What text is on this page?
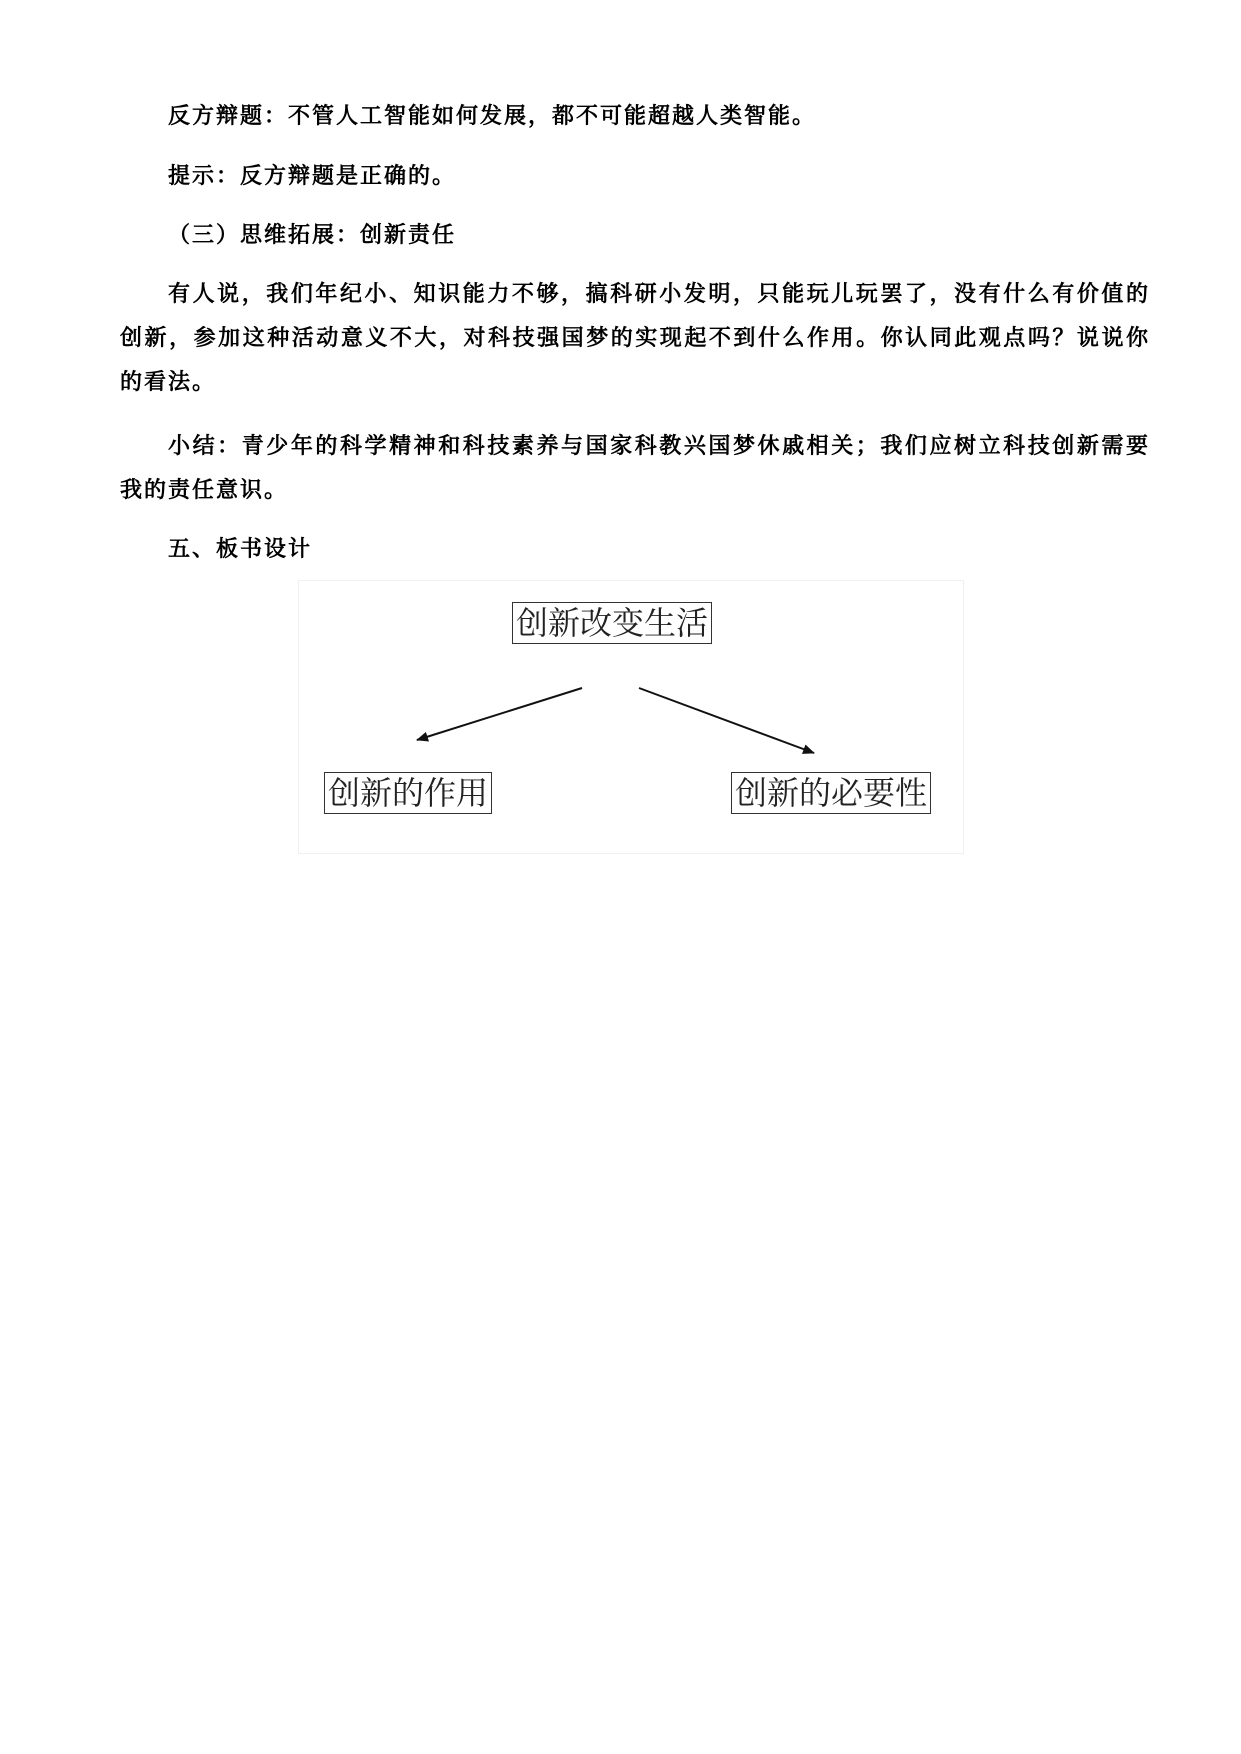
反方辩题：不管人工智能如何发展，都不可能超越人类智能。

提示：反方辩题是正确的。

（三）思维拓展：创新责任

有人说，我们年纪小、知识能力不够，搞科研小发明，只能玩儿玩罢了，没有什么有价值的创新，参加这种活动意义不大，对科技强国梦的实现起不到什么作用。你认同此观点吗？说说你的看法。

小结：青少年的科学精神和科技素养与国家科教兴国梦休戚相关；我们应树立科技创新需要我的责任意识。

五、板书设计

创新改变生活
创新的作用	创新的必要性
